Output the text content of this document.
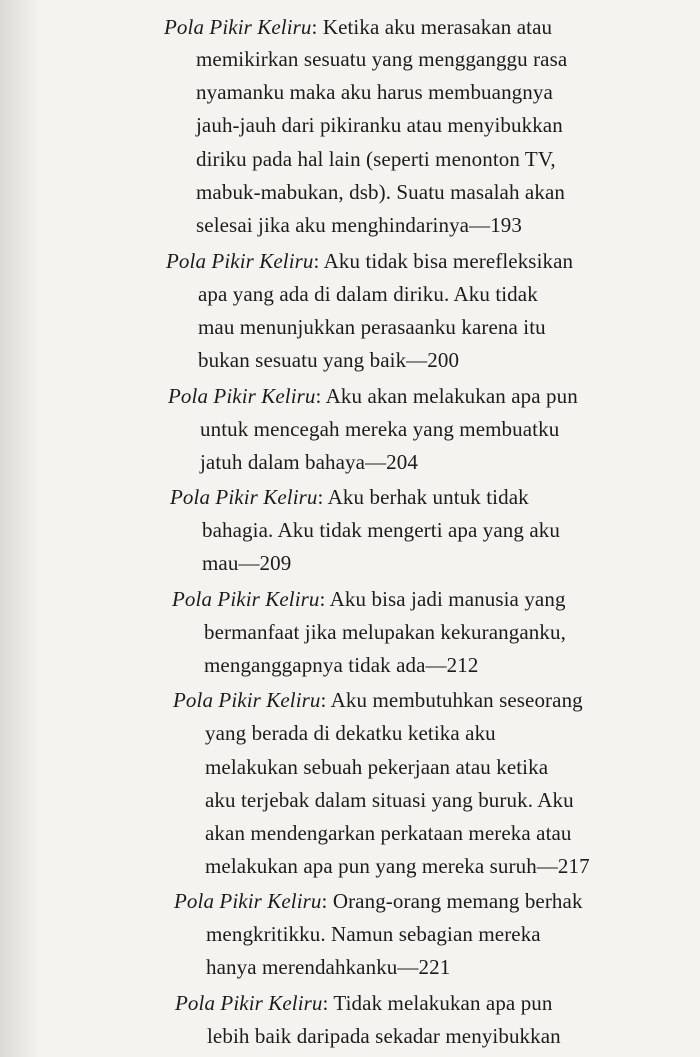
Pola Pikir Keliru: Ketika aku merasakan atau
memikirkan sesuatu yang mengganggu rasa
nyamanku maka aku harus membuangnya
jauh-jauh dari pikiranku atau menyibukkan
diriku pada hal lain (seperti menonton TV,
mabuk-mabukan, dsb). Suatu masalah akan
selesai jika aku menghindarinya—193
Pola Pikir Keliru: Aku tidak bisa merefleksikan
apa yang ada di dalam diriku. Aku tidak
mau menunjukkan perasaanku karena itu
bukan sesuatu yang baik—200
Pola Pikir Keliru: Aku akan melakukan apa pun
untuk mencegah mereka yang membuatku
jatuh dalam bahaya—204
Pola Pikir Keliru: Aku berhak untuk tidak
bahagia. Aku tidak mengerti apa yang aku
mau—209
Pola Pikir Keliru: Aku bisa jadi manusia yang
bermanfaat jika melupakan kekuranganku,
menganggapnya tidak ada—212
Pola Pikir Keliru: Aku membutuhkan seseorang
yang berada di dekatku ketika aku
melakukan sebuah pekerjaan atau ketika
aku terjebak dalam situasi yang buruk. Aku
akan mendengarkan perkataan mereka atau
melakukan apa pun yang mereka suruh—217
Pola Pikir Keliru: Orang-orang memang berhak
mengkritikku. Namun sebagian mereka
hanya merendahkanku—221
Pola Pikir Keliru: Tidak melakukan apa pun
lebih baik daripada sekadar menyibukkan
